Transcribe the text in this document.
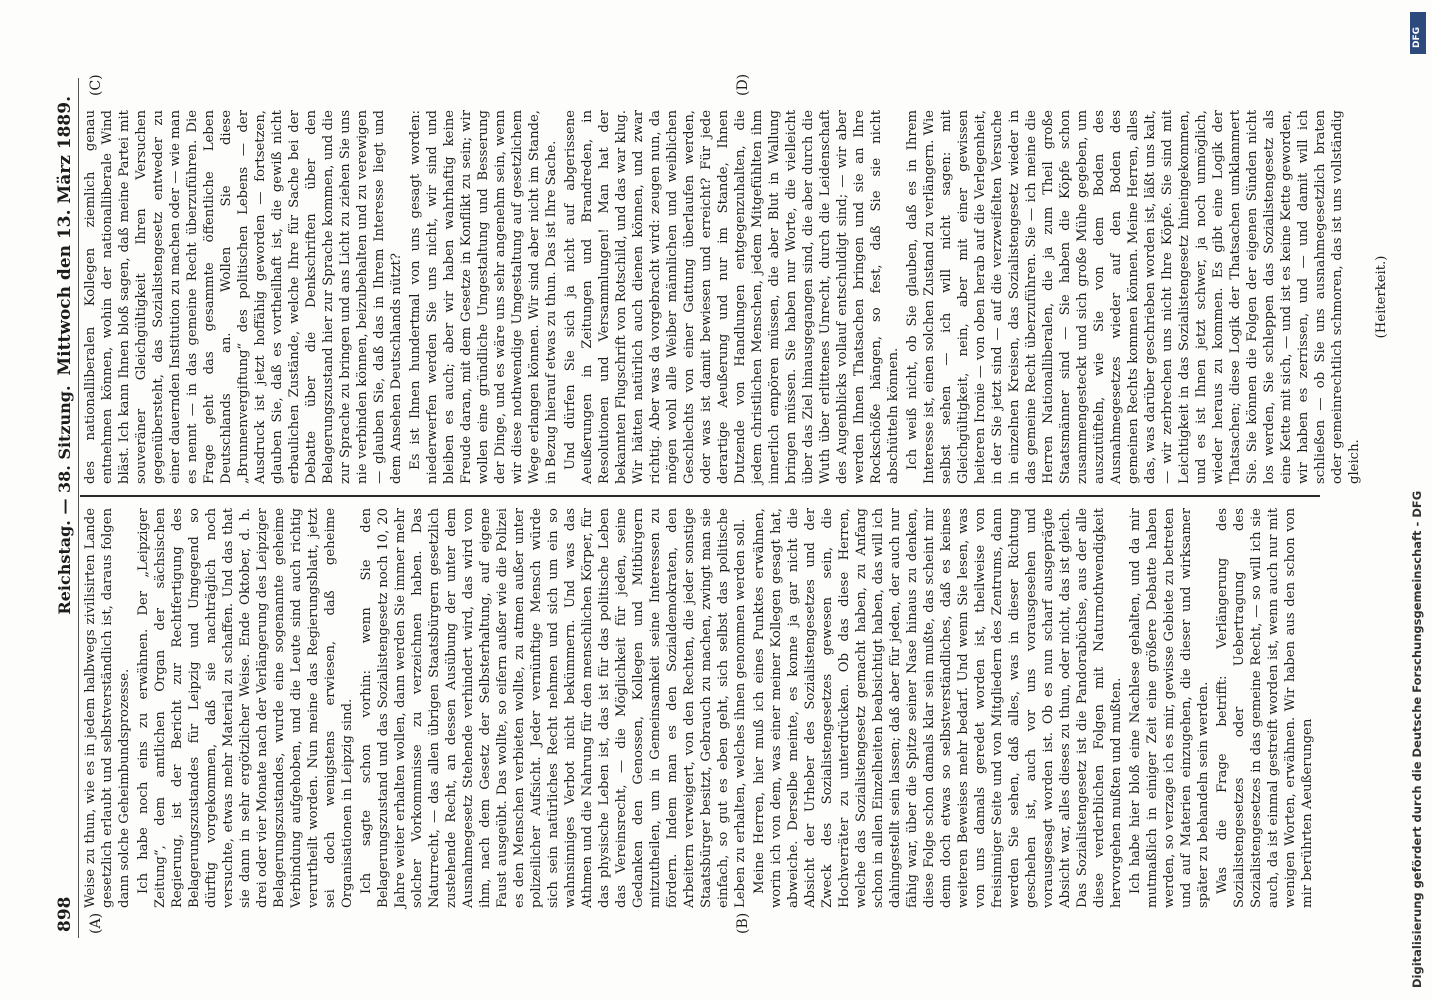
898
Reichstag. — 38. Sitzung.
Mittwoch den 13. März 1889.
(A)	(B)
(C)	(D)

Weise zu thun, wie es in jedem halbwegs zivilisirten Lande gesetzlich erlaubt und selbstverständlich ist, daraus folgen dann solche Geheimbundsprozesse. Ich habe noch eins zu erwähnen. Der „Leipziger Zeitung“, dem amtlichen Organ der sächsischen Regierung, ist der Bericht zur Rechtfertigung des Belagerungszustandes für Leipzig und Umgegend so dürftig vorgekommen, daß sie nachträglich noch versuchte, etwas mehr Material zu schaffen. Und das that sie dann in sehr ergötzlicher Weise. Ende Oktober, d. h. drei oder vier Monate nach der Verlängerung des Leipziger Belagerungszustandes, wurde eine sogenannte geheime Verbindung aufgehoben, und die Leute sind auch richtig verurtheilt worden. Nun meine das Regierungsblatt, jetzt sei doch wenigstens erwiesen, daß geheime Organisationen in Leipzig sind. Ich sagte schon vorhin: wenn Sie den Belagerungszustand und das Sozialistengesetz noch 10, 20 Jahre weiter erhalten wollen, dann werden Sie immer mehr solcher Vorkommnisse zu verzeichnen haben. Das Naturrecht, — das allen übrigen Staatsbürgern gesetzlich zustehende Recht, an dessen Ausübung der unter dem Ausnahmegesetz Stehende verhindert wird, das wird von ihm, nach dem Gesetz der Selbsterhaltung, auf eigene Faust ausgeübt. Das wollte, so eifern außer wie die Polizei es den Menschen verbieten wollte, zu atmen außer unter polizeilicher Aufsicht. Jeder vernünftige Mensch würde sich sein natürliches Recht nehmen und sich um ein so wahnsinniges Verbot nicht bekümmern. Und was das Athmen und die Nahrung für den menschlichen Körper, für das physische Leben ist, das ist für das politische Leben das Vereinsrecht, — die Möglichkeit für jeden, seine Gedanken den Genossen, Kollegen und Mitbürgern mitzutheilen, um in Gemeinsamkeit seine Interessen zu fördern. Indem man es den Sozialdemokraten, den Arbeitern verweigert, von den Rechten, die jeder sonstige Staatsbürger besitzt, Gebrauch zu machen, zwingt man sie einfach, so gut es eben geht, sich selbst das politische Leben zu erhalten, welches ihnen genommen werden soll. Meine Herren, hier muß ich eines Punktes erwähnen, worin ich von dem, was einer meiner Kollegen gesagt hat, abweiche. Derselbe meinte, es konne ja gar nicht die Absicht der Urheber des Sozialistengesetzes und der Zweck des Sozialistengesetzes gewesen sein, die Hochverräter zu unterdrücken. Ob das diese Herren, welche das Sozialistengesetz gemacht haben, zu Anfang schon in allen Einzelheiten beabsichtigt haben, das will ich dahingestellt sein lassen; daß aber für jeden, der auch nur fähig war, über die Spitze seiner Nase hinaus zu denken, diese Folge schon damals klar sein mußte, das scheint mir denn doch etwas so selbstverständliches, daß es keines weiteren Beweises mehr bedarf. Und wenn Sie lesen, was von uns damals geredet worden ist, theilweise von freisinniger Seite und von Mitgliedern des Zentrums, dann werden Sie sehen, daß alles, was in dieser Richtung geschehen ist, auch vor uns vorausgesehen und vorausgesagt worden ist. Ob es nun scharf ausgeprägte Absicht war, alles dieses zu thun, oder nicht, das ist gleich. Das Sozialistengesetz ist die Pandorabüchse, aus der alle diese verderblichen Folgen mit Naturnothwendigkeit hervorgehen mußten und mußten. Ich habe hier bloß eine Nachlese gehalten, und da mir mutmaßlich in einiger Zeit eine größere Debatte haben werden, so verzage ich es mir, gewisse Gebiete zu betreten und auf Materien einzugehen, die dieser und wirksamer später zu behandeln sein werden. Was die Frage betrifft: Verlängerung des Sozialistengesetzes oder Uebertragung des Sozialistengesetzes in das gemeine Recht, — so will ich sie auch, da ist einmal gestreift worden ist, wenn auch nur mit wenigen Worten, erwähnen. Wir haben aus den schon von mir berührten Aeußerungen

des nationalliberalen Kollegen ziemlich genau entnehmen können, wohin der nationalliberale Wind bläst. Ich kann Ihnen bloß sagen, daß meine Partei mit souveräner Gleichgültigkeit Ihren Versuchen gegenübersteht, das Sozialistengesetz entweder zu einer dauernden Institution zu machen oder — wie man es nennt — in das gemeine Recht überzuführen. Die Frage geht das gesammte öffentliche Leben Deutschlands an. Wollen Sie diese „Brunnenvergiftung“ des politischen Lebens — der Ausdruck ist jetzt hoffähig geworden — fortsetzen, glauben Sie, daß es vortheilhaft ist, die gewiß nicht erbaulichen Zustände, welche Ihre für Sache bei der Debatte über die Denkschriften über den Belagerungszustand hier zur Sprache kommen, und die zur Sprache zu bringen und ans Licht zu ziehen Sie uns nie verbinden können, beizubehalten und zu verewigen — glauben Sie, daß das in Ihrem Interesse liegt und dem Ansehen Deutschlands nützt? Es ist Ihnen hundertmal von uns gesagt worden: niederwerfen werden Sie uns nicht, wir sind und bleiben es auch; aber wir haben wahrhaftig keine Freude daran, mit dem Gesetze in Konflikt zu sein; wir wollen eine gründliche Umgestaltung und Besserung der Dinge, und es wäre uns sehr angenehm sein, wenn wir diese nothwendige Umgestaltung auf gesetzlichem Wege erlangen können. Wir sind aber nicht im Stande, in Bezug hierauf etwas zu thun. Das ist Ihre Sache. Und dürfen Sie sich ja nicht auf abgerissene Aeußerungen in Zeitungen und Brandreden, in Resolutionen und Versammlungen! Man hat der bekannten Flugschrift von Rotschild, und das war klug. Wir hätten natürlich auch dienen können, und zwar richtig. Aber was da vorgebracht wird: zeugen nun, da mögen wohl alle Weiber männlichen und weiblichen Geschlechts von einer Gattung überlaufen werden, oder was ist damit bewiesen und erreicht? Für jede derartige Aeußerung und nur im Stande, Ihnen Dutzende von Handlungen entgegenzuhalten, die jedem christlichen Menschen, jedem Mitgefühlten ihm innerlich empören müssen, die aber Blut in Wallung bringen müssen. Sie haben nur Worte, die vielleicht über das Ziel hinausgegangen sind, die aber durch die Wuth über erlittenes Unrecht, durch die Leidenschaft des Augenblicks vollauf entschuldigt sind; — wir aber werden Ihnen Thatsachen bringen und sie an Ihre Rockschöße hängen, so fest, daß Sie sie nicht abschütteln können. Ich weiß nicht, ob Sie glauben, daß es in Ihrem Interesse ist, einen solchen Zustand zu verlängern. Wie selbst sehen — ich will nicht sagen: mit Gleichgültigkeit, nein, aber mit einer gewissen heiteren Ironie — von oben herab auf die Verlegenheit, in der Sie jetzt sind — auf die verzweifelten Versuche in einzelnen Kreisen, das Sozialistengesetz wieder in das gemeine Recht überzuführen. Sie — ich meine die Herren Nationalliberalen, die ja zum Theil große Staatsmänner sind — Sie haben die Köpfe schon zusammengesteckt und sich große Mühe gegeben, um auszutüfteln, wie Sie von dem Boden des Ausnahmegesetzes wieder auf den Boden des gemeinen Rechts kommen können. Meine Herren, alles das, was darüber geschrieben worden ist, läßt uns kalt, — wir zerbrechen uns nicht Ihre Köpfe. Sie sind mit Leichtigkeit in das Sozialistengesetz hineingekommen, und es ist Ihnen jetzt schwer, ja noch unmöglich, wieder heraus zu kommen. Es gibt eine Logik der Thatsachen; diese Logik der Thatsachen umklammert Sie. Sie können die Folgen der eigenen Sünden nicht los werden, Sie schleppen das Sozialistengesetz als eine Kette mit sich, — und ist es keine Kette geworden, wir haben es zerrissen, und — und damit will ich schließen — ob Sie uns ausnahmegesetzlich braten oder gemeinrechtlich schmoren, das ist uns vollständig gleich.

(Heiterkeit.)

Digitalisierung gefördert durch die Deutsche Forschungsgemeinschaft - DFG
DFG
